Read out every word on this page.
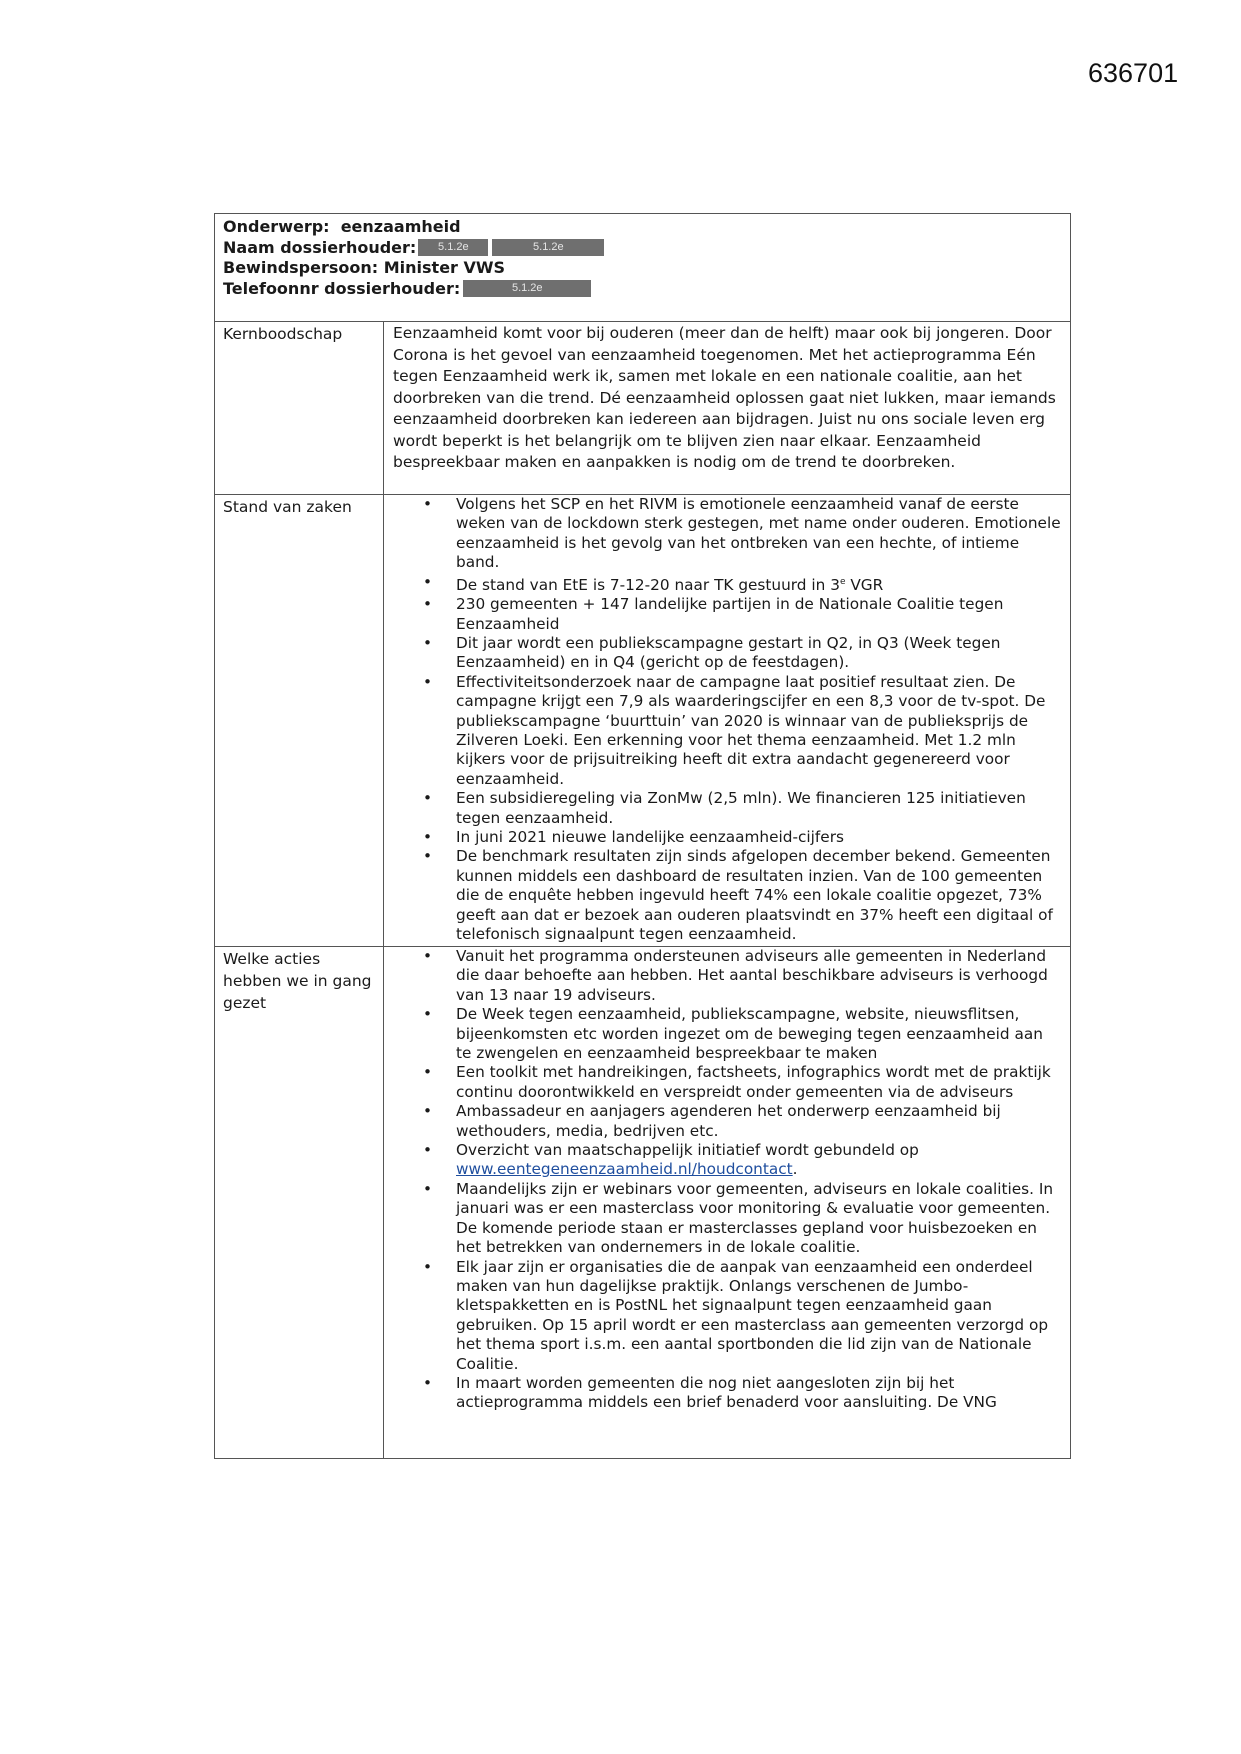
636701
Onderwerp:
eenzaamheid
Naam dossierhouder:	5.1.2e	5.1.2e
Bewindspersoon:
Minister VWS
Telefoonnr dossierhouder:	5.1.2e
Kernboodschap	Eenzaamheid komt voor bij ouderen (meer dan de helft) maar ook bij jongeren. Door Corona is het gevoel van eenzaamheid toegenomen. Met het actieprogramma Eén tegen Eenzaamheid werk ik, samen met lokale en een nationale coalitie, aan het doorbreken van die trend. Dé eenzaamheid oplossen gaat niet lukken, maar iemands eenzaamheid doorbreken kan iedereen aan bijdragen. Juist nu ons sociale leven erg wordt beperkt is het belangrijk om te blijven zien naar elkaar. Eenzaamheid bespreekbaar maken en aanpakken is nodig om de trend te doorbreken.

Stand van zaken
•	Volgens het SCP en het RIVM is emotionele eenzaamheid vanaf de eerste weken van de lockdown sterk gestegen, met name onder ouderen. Emotionele eenzaamheid is het gevolg van het ontbreken van een hechte, of intieme band.
• De stand van EtE is 7-12-20 naar TK gestuurd in 3e VGR
• 230 gemeenten + 147 landelijke partijen in de Nationale Coalitie tegen Eenzaamheid
• Dit jaar wordt een publiekscampagne gestart in Q2, in Q3 (Week tegen Eenzaamheid) en in Q4 (gericht op de feestdagen).
• Effectiviteitsonderzoek naar de campagne laat positief resultaat zien. De campagne krijgt een 7,9 als waarderingscijfer en een 8,3 voor de tv-spot. De publiekscampagne ‘buurttuin’ van 2020 is winnaar van de publieksprijs de Zilveren Loeki. Een erkenning voor het thema eenzaamheid. Met 1.2 mln kijkers voor de prijsuitreiking heeft dit extra aandacht gegenereerd voor eenzaamheid.
• Een subsidieregeling via ZonMw (2,5 mln). We financieren 125 initiatieven tegen eenzaamheid.
• In juni 2021 nieuwe landelijke eenzaamheid-cijfers
• De benchmark resultaten zijn sinds afgelopen december bekend. Gemeenten kunnen middels een dashboard de resultaten inzien. Van de 100 gemeenten die de enquête hebben ingevuld heeft 74% een lokale coalitie opgezet, 73% geeft aan dat er bezoek aan ouderen plaatsvindt en 37% heeft een digitaal of telefonisch signaalpunt tegen eenzaamheid.
Welke acties hebben we in gang gezet
• Vanuit het programma ondersteunen adviseurs alle gemeenten in Nederland die daar behoefte aan hebben. Het aantal beschikbare adviseurs is verhoogd van 13 naar 19 adviseurs.
• De Week tegen eenzaamheid, publiekscampagne, website, nieuwsflitsen, bijeenkomsten etc worden ingezet om de beweging tegen eenzaamheid aan te zwengelen en eenzaamheid bespreekbaar te maken
• Een toolkit met handreikingen, factsheets, infographics wordt met de praktijk continu doorontwikkeld en verspreidt onder gemeenten via de adviseurs
• Ambassadeur en aanjagers agenderen het onderwerp eenzaamheid bij wethouders, media, bedrijven etc.
• Overzicht van maatschappelijk initiatief wordt gebundeld op www.eentegeneenzaamheid.nl/houdcontact.
• Maandelijks zijn er webinars voor gemeenten, adviseurs en lokale coalities. In januari was er een masterclass voor monitoring & evaluatie voor gemeenten. De komende periode staan er masterclasses gepland voor huisbezoeken en het betrekken van ondernemers in de lokale coalitie.
• Elk jaar zijn er organisaties die de aanpak van eenzaamheid een onderdeel maken van hun dagelijkse praktijk. Onlangs verschenen de Jumbo-kletspakketten en is PostNL het signaalpunt tegen eenzaamheid gaan gebruiken. Op 15 april wordt er een masterclass aan gemeenten verzorgd op het thema sport i.s.m. een aantal sportbonden die lid zijn van de Nationale Coalitie.
• In maart worden gemeenten die nog niet aangesloten zijn bij het actieprogramma middels een brief benaderd voor aansluiting. De VNG
